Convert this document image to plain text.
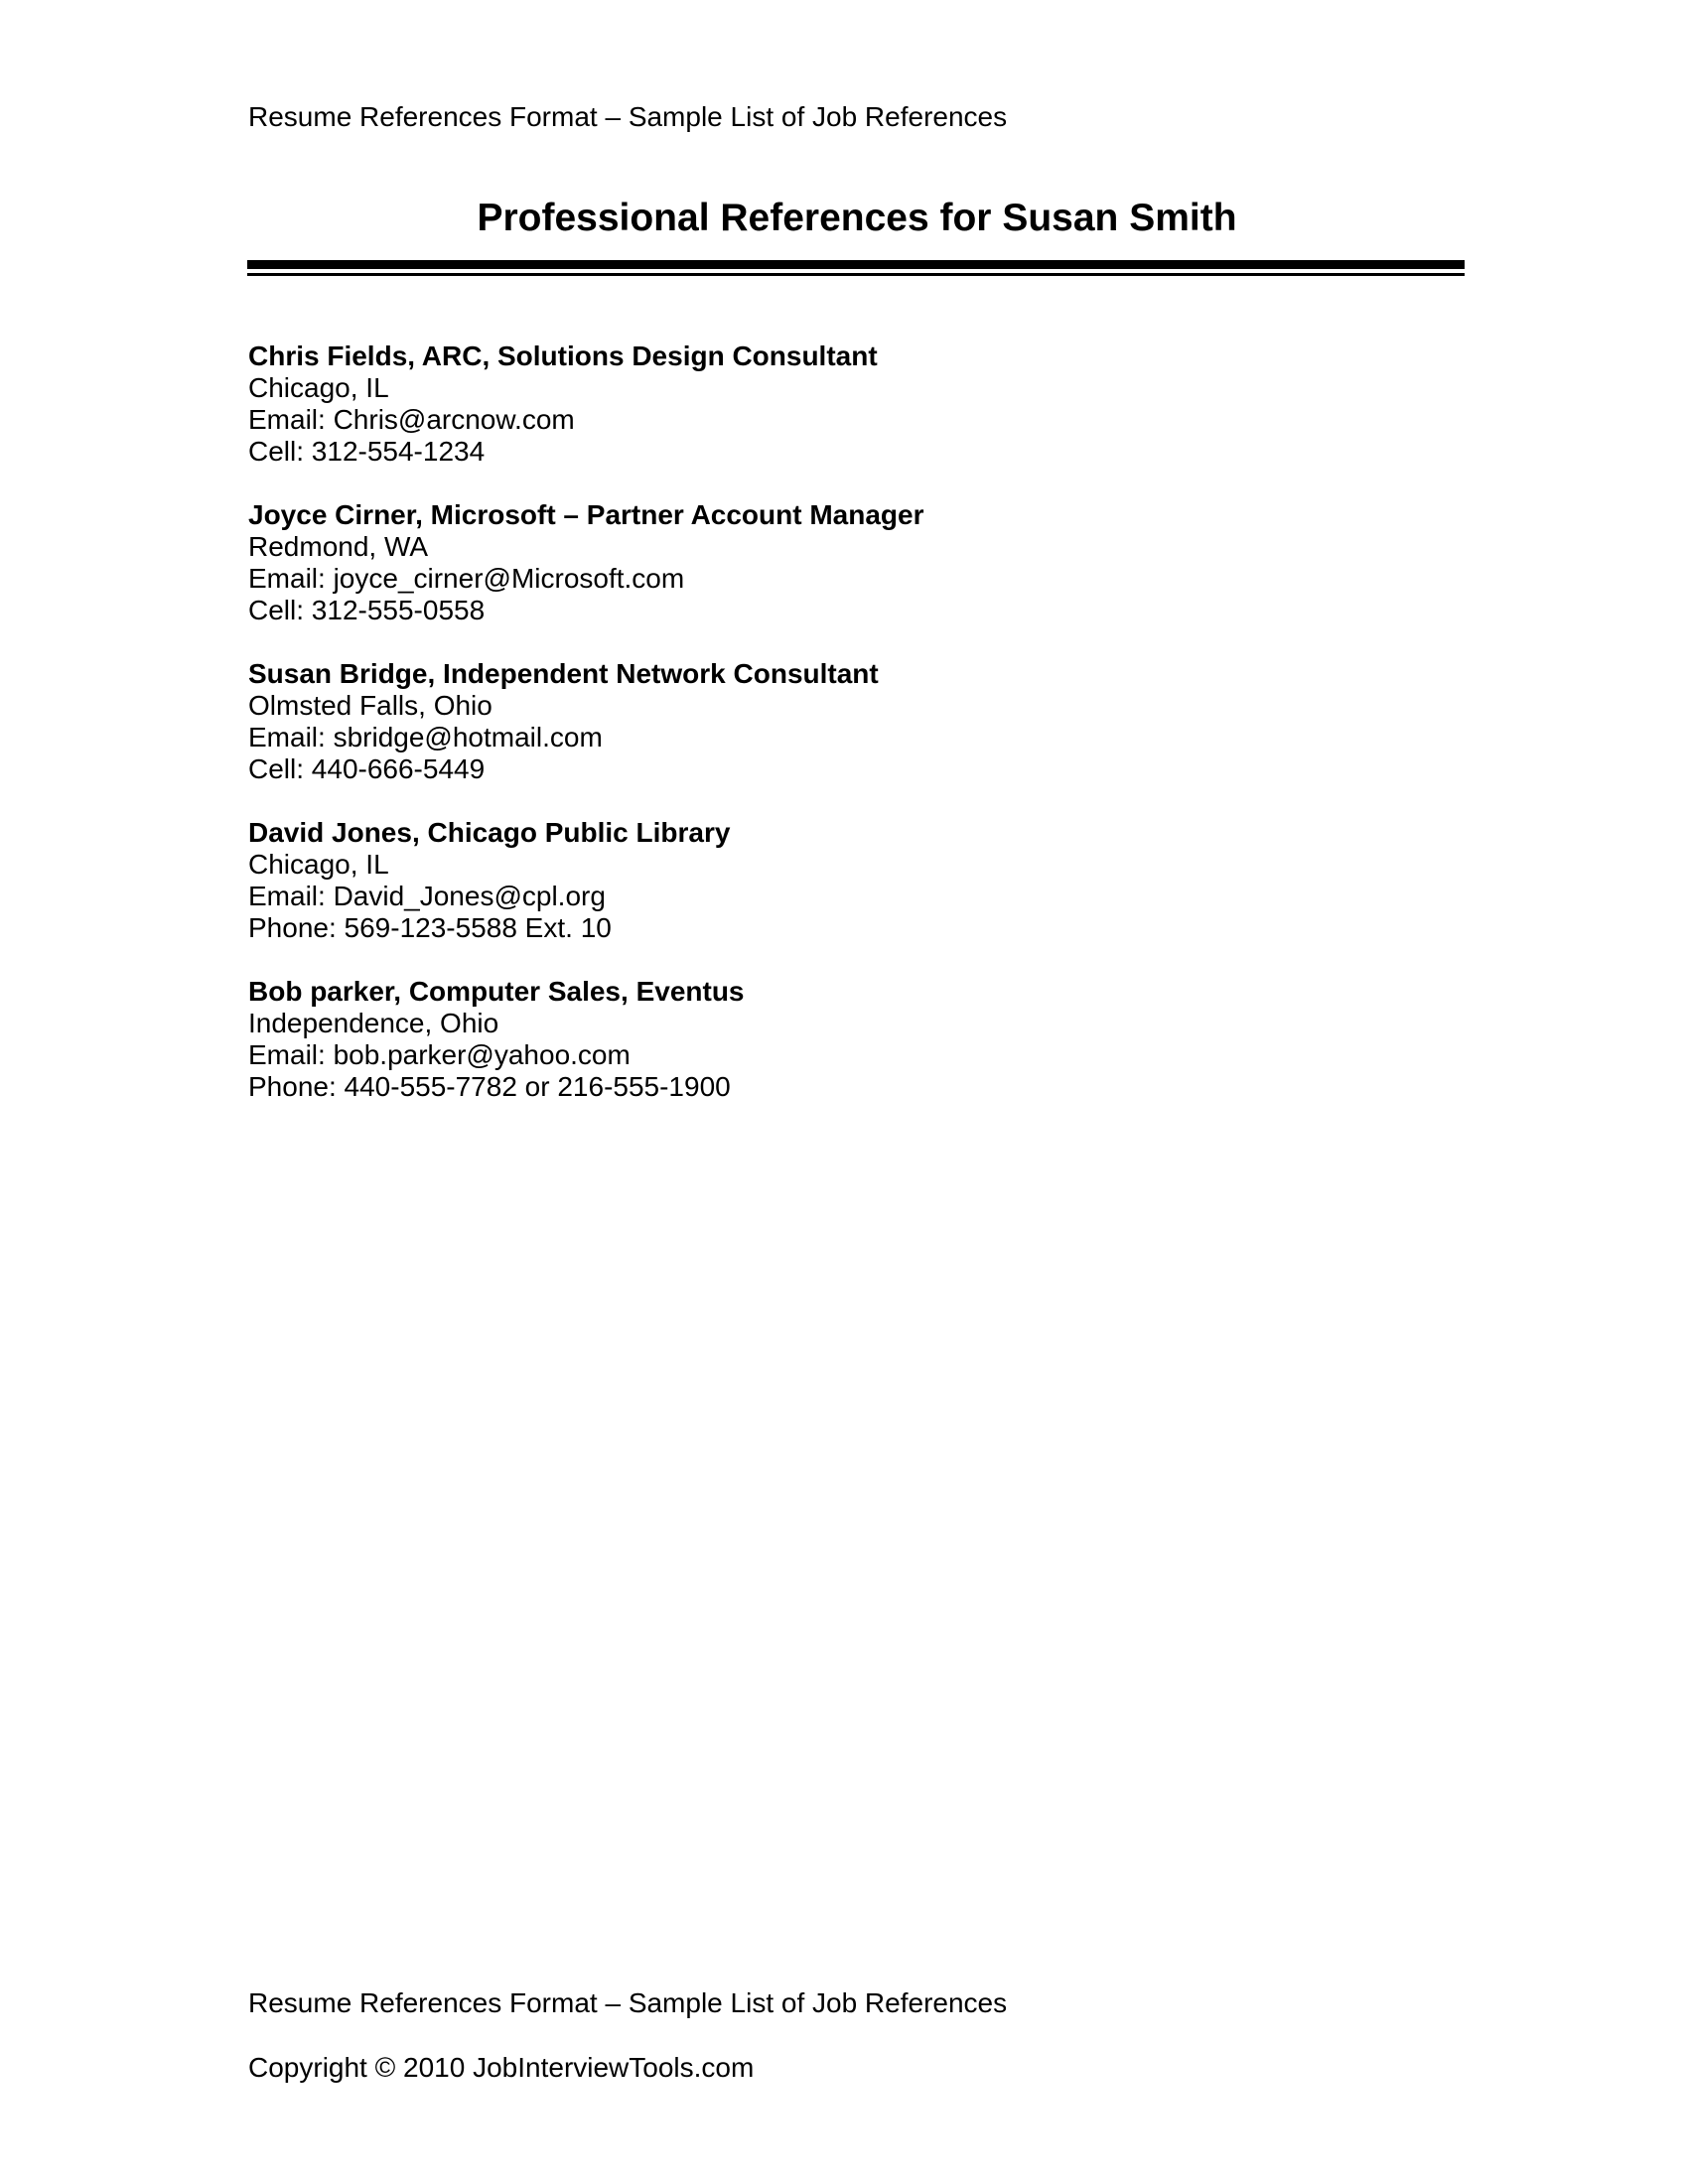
Resume References Format – Sample List of Job References
Professional References for Susan Smith
Chris Fields, ARC, Solutions Design Consultant
Chicago, IL
Email: Chris@arcnow.com
Cell: 312-554-1234
Joyce Cirner, Microsoft – Partner Account Manager
Redmond, WA
Email: joyce_cirner@Microsoft.com
Cell: 312-555-0558
Susan Bridge, Independent Network Consultant
Olmsted Falls, Ohio
Email: sbridge@hotmail.com
Cell: 440-666-5449
David Jones, Chicago Public Library
Chicago, IL
Email: David_Jones@cpl.org
Phone: 569-123-5588 Ext. 10
Bob parker, Computer Sales, Eventus
Independence, Ohio
Email: bob.parker@yahoo.com
Phone: 440-555-7782 or 216-555-1900
Resume References Format – Sample List of Job References
Copyright © 2010 JobInterviewTools.com
